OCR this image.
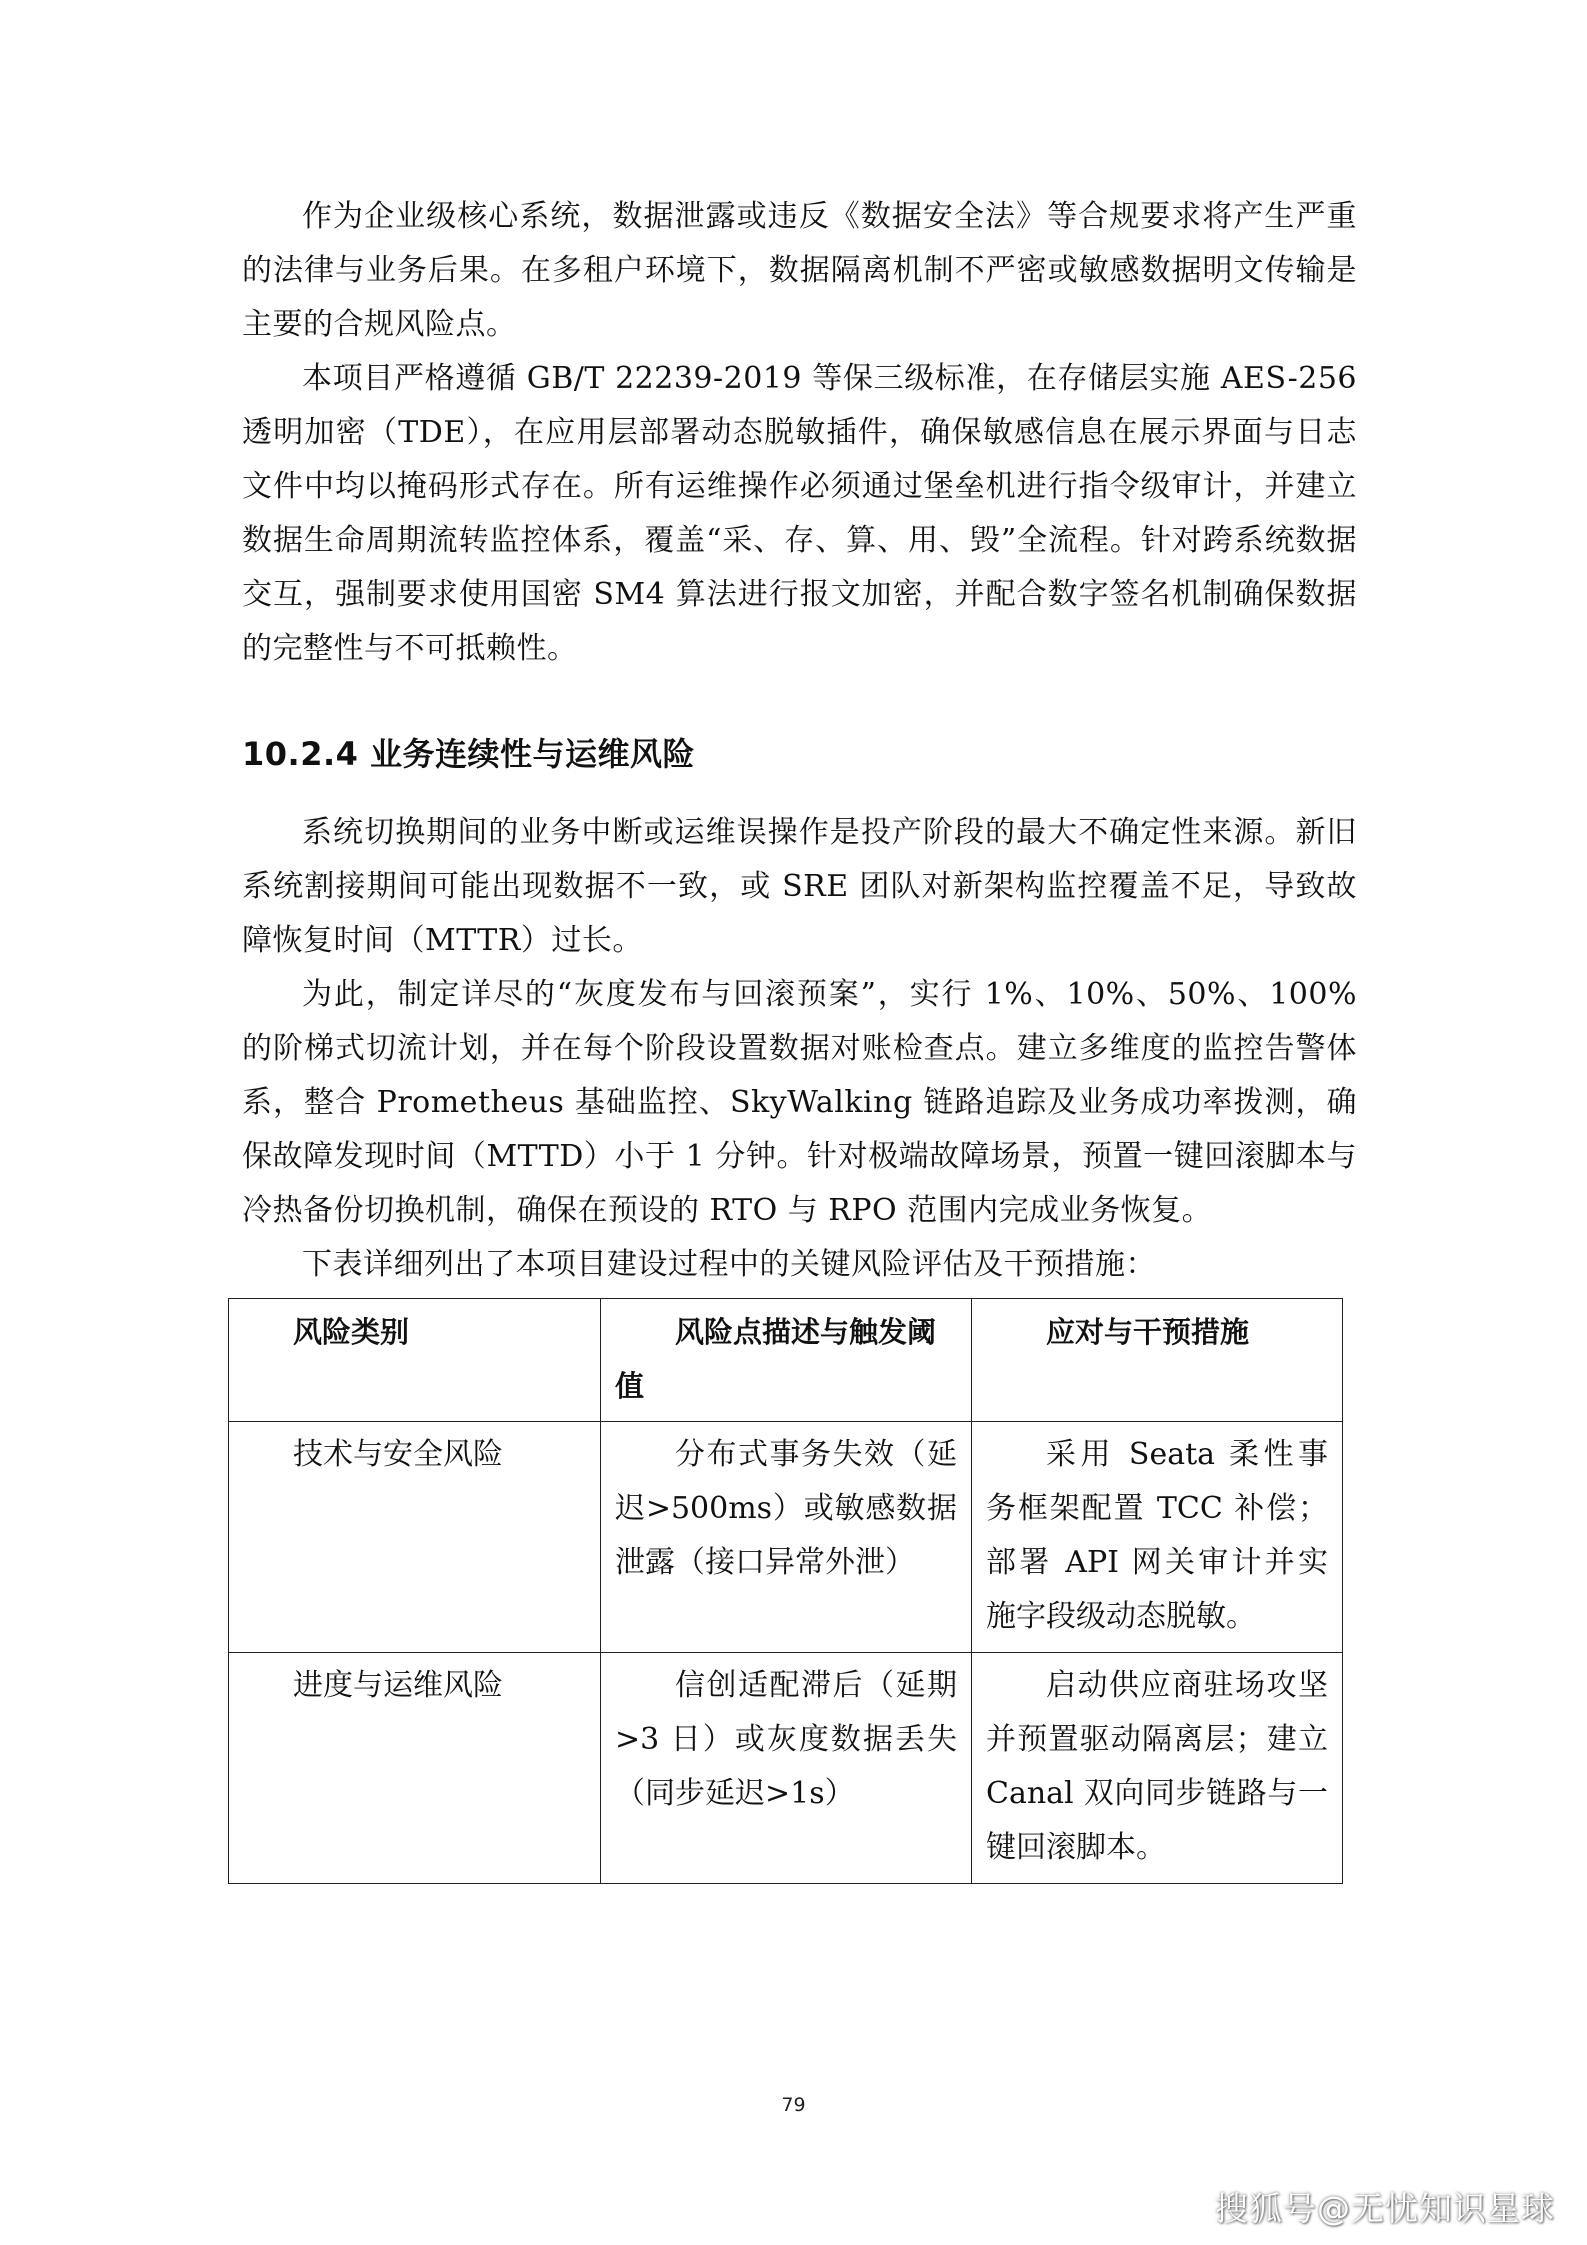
作为企业级核心系统，数据泄露或违反《数据安全法》等合规要求将产生严重的法律与业务后果。在多租户环境下，数据隔离机制不严密或敏感数据明文传输是主要的合规风险点。

本项目严格遵循 GB/T 22239-2019 等保三级标准，在存储层实施 AES-256 透明加密（TDE），在应用层部署动态脱敏插件，确保敏感信息在展示界面与日志文件中均以掩码形式存在。所有运维操作必须通过堡垒机进行指令级审计，并建立数据生命周期流转监控体系，覆盖“采、存、算、用、毁”全流程。针对跨系统数据交互，强制要求使用国密 SM4 算法进行报文加密，并配合数字签名机制确保数据的完整性与不可抵赖性。

10.2.4 业务连续性与运维风险

系统切换期间的业务中断或运维误操作是投产阶段的最大不确定性来源。新旧系统割接期间可能出现数据不一致，或 SRE 团队对新架构监控覆盖不足，导致故障恢复时间（MTTR）过长。

为此，制定详尽的“灰度发布与回滚预案”，实行 1%、10%、50%、100% 的阶梯式切流计划，并在每个阶段设置数据对账检查点。建立多维度的监控告警体系，整合 Prometheus 基础监控、SkyWalking 链路追踪及业务成功率拨测，确保故障发现时间（MTTD）小于 1 分钟。针对极端故障场景，预置一键回滚脚本与冷热备份切换机制，确保在预设的 RTO 与 RPO 范围内完成业务恢复。

下表详细列出了本项目建设过程中的关键风险评估及干预措施：

风险类别	风险点描述与触发阈值	应对与干预措施
技术与安全风险	分布式事务失效（延迟>500ms）或敏感数据泄露（接口异常外泄）	采用 Seata 柔性事务框架配置 TCC 补偿；部署 API 网关审计并实施字段级动态脱敏。
进度与运维风险	信创适配滞后（延期>3 日）或灰度数据丢失（同步延迟>1s）	启动供应商驻场攻坚并预置驱动隔离层；建立 Canal 双向同步链路与一键回滚脚本。
79
搜狐号@无忧知识星球
